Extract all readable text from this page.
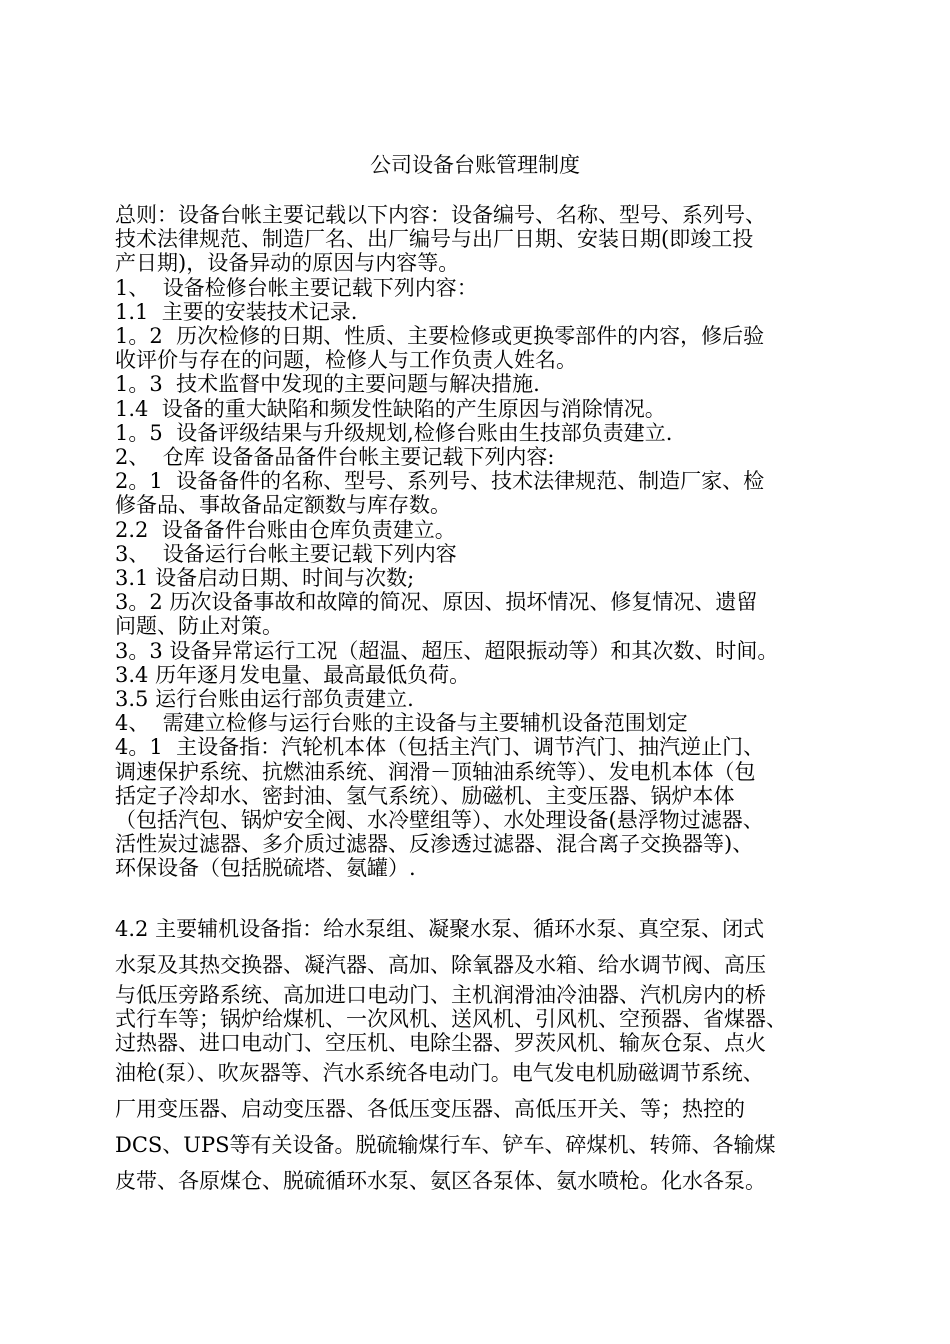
公司设备台账管理制度
总则：设备台帐主要记载以下内容：设备编号、名称、型号、系列号、
技术法律规范、制造厂名、出厂编号与出厂日期、安装日期(即竣工投
产日期)，设备异动的原因与内容等。
1、  设备检修台帐主要记载下列内容：
1.1  主要的安装技术记录.
1。2  历次检修的日期、性质、主要检修或更换零部件的内容，修后验
收评价与存在的问题，检修人与工作负责人姓名。
1。3  技术监督中发现的主要问题与解决措施.
1.4  设备的重大缺陷和频发性缺陷的产生原因与消除情况。
1。5  设备评级结果与升级规划,检修台账由生技部负责建立.
2、  仓库 设备备品备件台帐主要记载下列内容:
2。1  设备备件的名称、型号、系列号、技术法律规范、制造厂家、检
修备品、事故备品定额数与库存数。
2.2  设备备件台账由仓库负责建立。
3、  设备运行台帐主要记载下列内容
3.1 设备启动日期、时间与次数;
3。2 历次设备事故和故障的简况、原因、损坏情况、修复情况、遗留
问题、防止对策。
3。3 设备异常运行工况（超温、超压、超限振动等）和其次数、时间。
3.4 历年逐月发电量、最高最低负荷。
3.5 运行台账由运行部负责建立.
4、  需建立检修与运行台账的主设备与主要辅机设备范围划定
4。1  主设备指：汽轮机本体（包括主汽门、调节汽门、抽汽逆止门、
调速保护系统、抗燃油系统、润滑－顶轴油系统等）、发电机本体（包
括定子冷却水、密封油、氢气系统）、励磁机、主变压器、锅炉本体
（包括汽包、锅炉安全阀、水冷壁组等）、水处理设备(悬浮物过滤器、
活性炭过滤器、多介质过滤器、反渗透过滤器、混合离子交换器等)、
环保设备（包括脱硫塔、氨罐）.
4.2 主要辅机设备指：给水泵组、凝聚水泵、循环水泵、真空泵、闭式
水泵及其热交换器、凝汽器、高加、除氧器及水箱、给水调节阀、高压
与低压旁路系统、高加进口电动门、主机润滑油冷油器、汽机房内的桥
式行车等；锅炉给煤机、一次风机、送风机、引风机、空预器、省煤器、
过热器、进口电动门、空压机、电除尘器、罗茨风机、输灰仓泵、点火
油枪(泵）、吹灰器等、汽水系统各电动门。电气发电机励磁调节系统、
厂用变压器、启动变压器、各低压变压器、高低压开关、等；热控的
DCS、UPS等有关设备。脱硫输煤行车、铲车、碎煤机、转筛、各输煤
皮带、各原煤仓、脱硫循环水泵、氨区各泵体、氨水喷枪。化水各泵。
